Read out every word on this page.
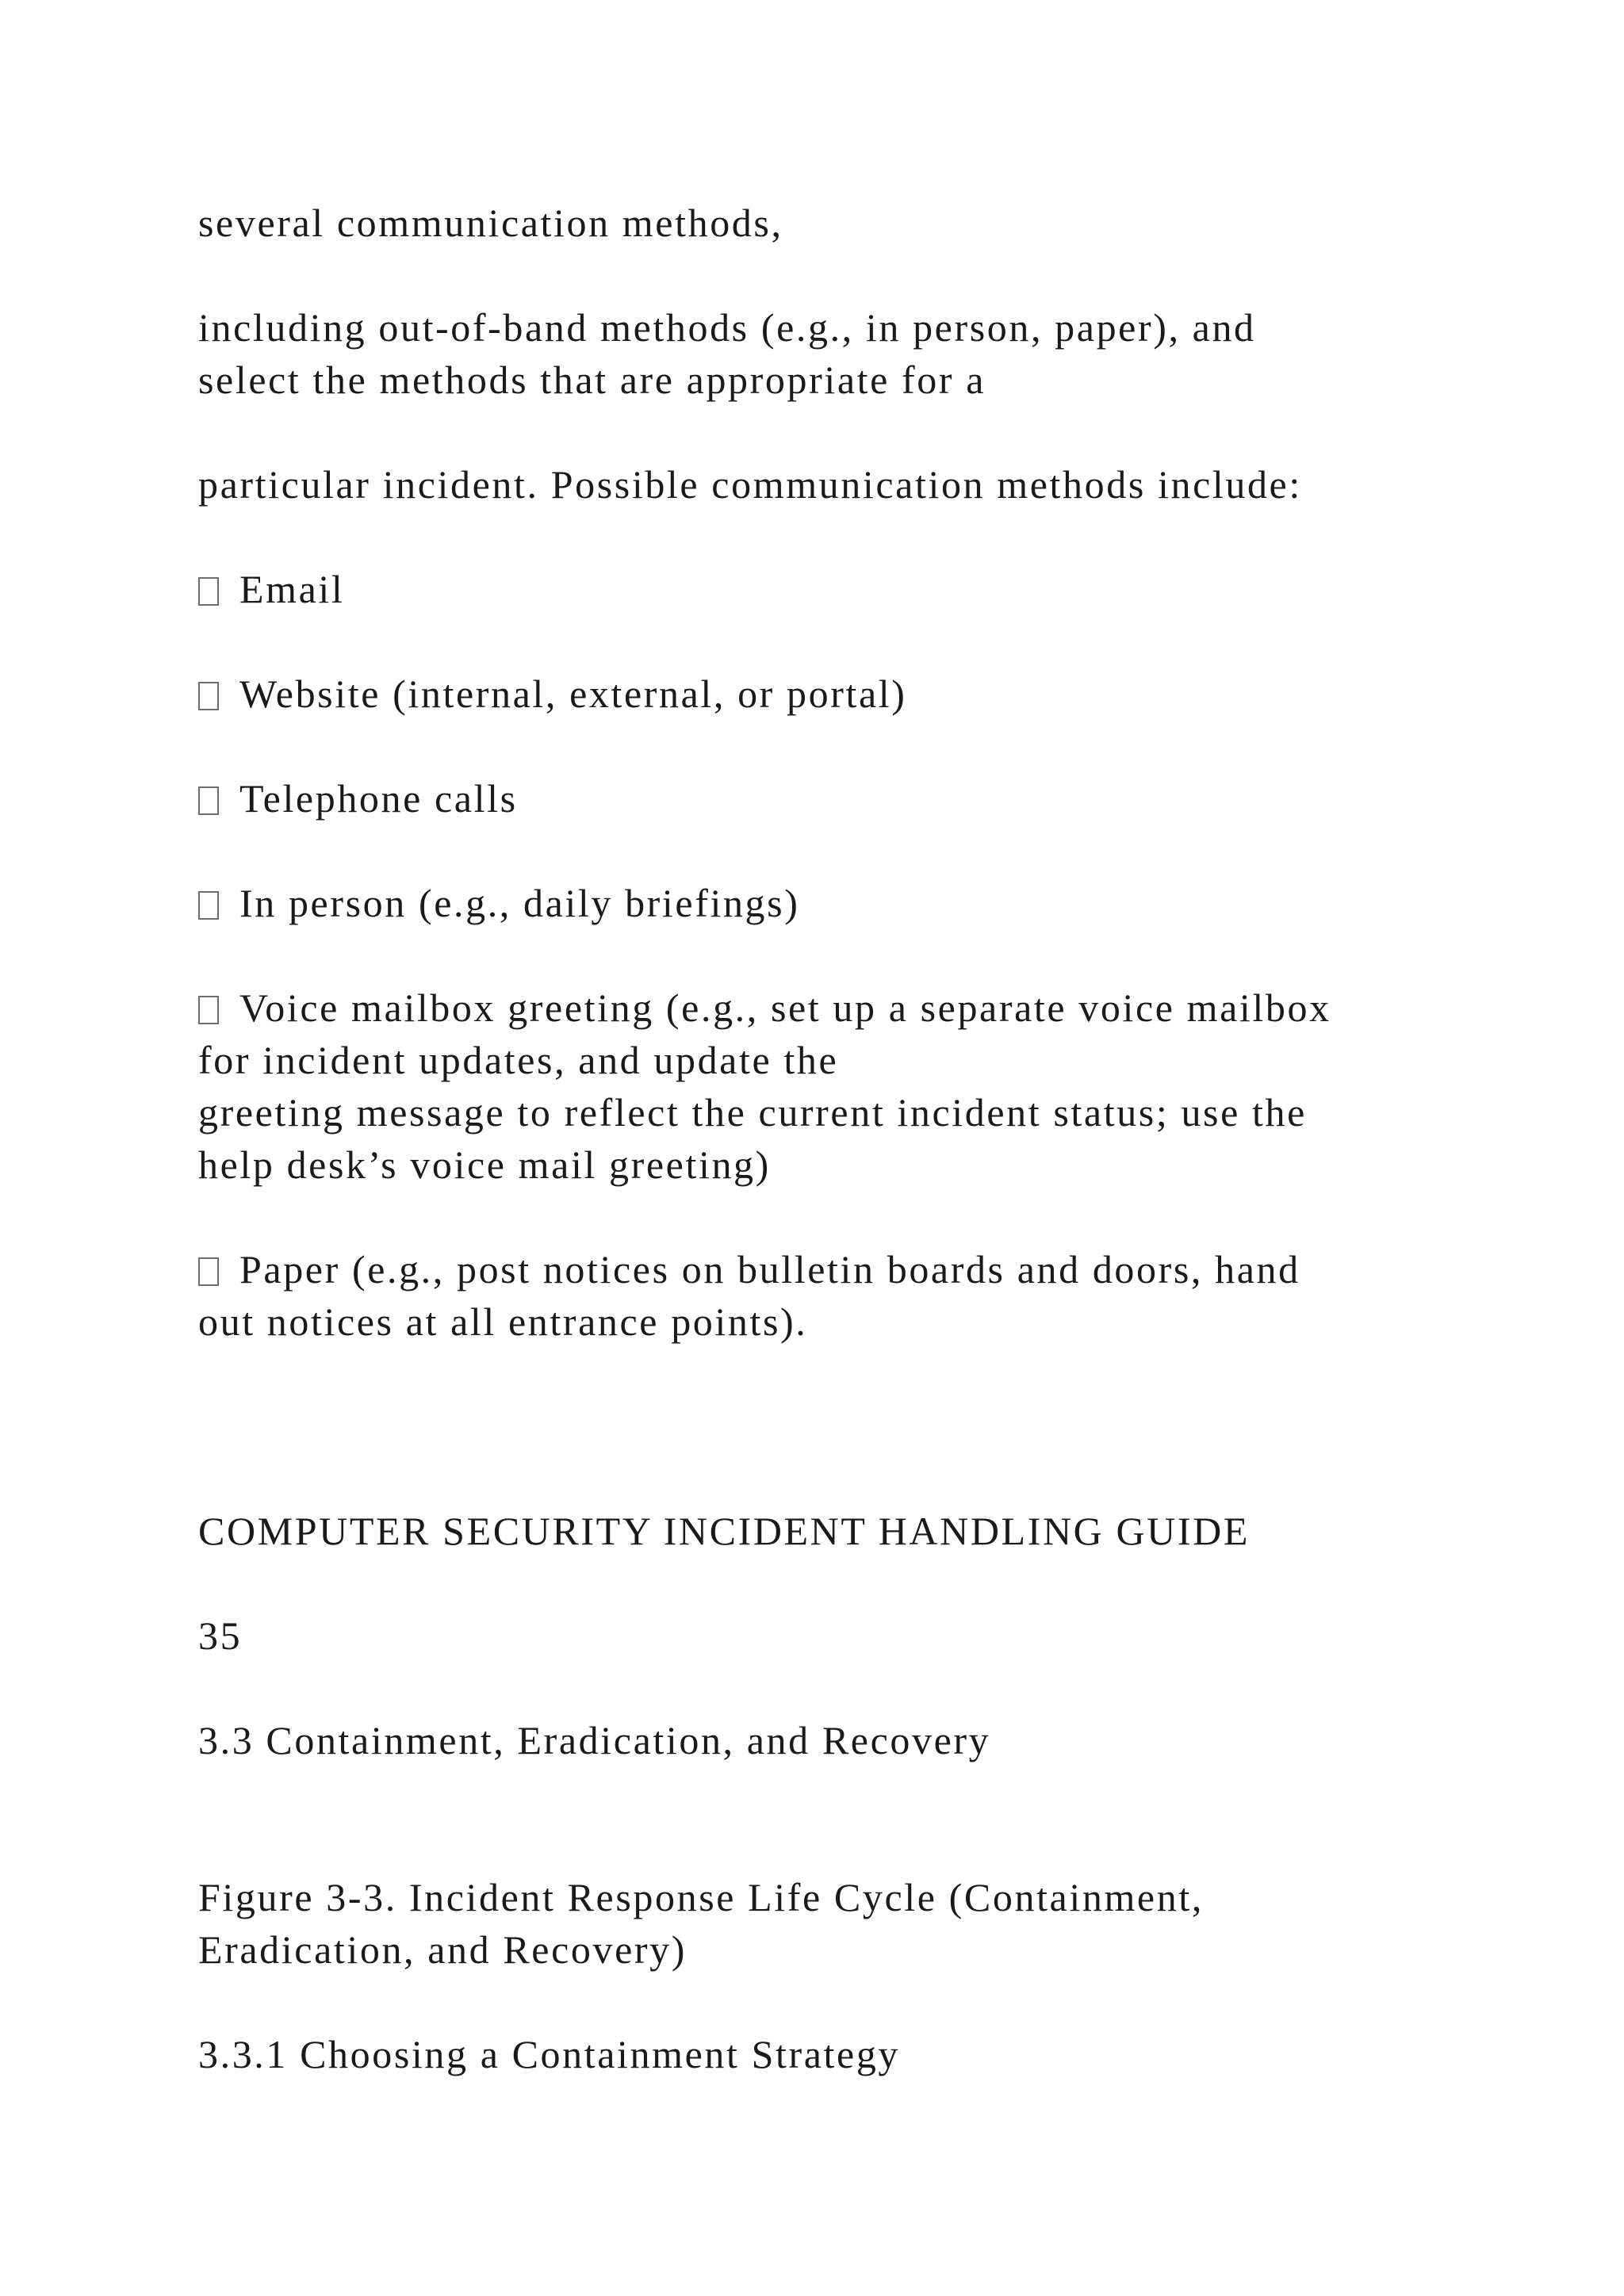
several communication methods,
including out-of-band methods (e.g., in person, paper), and
select the methods that are appropriate for a
particular incident. Possible communication methods include:
Email
Website (internal, external, or portal)
Telephone calls
In person (e.g., daily briefings)
Voice mailbox greeting (e.g., set up a separate voice mailbox
for incident updates, and update the
greeting message to reflect the current incident status; use the
help desk’s voice mail greeting)
Paper (e.g., post notices on bulletin boards and doors, hand
out notices at all entrance points).
COMPUTER SECURITY INCIDENT HANDLING GUIDE
35
3.3 Containment, Eradication, and Recovery
Figure 3-3. Incident Response Life Cycle (Containment,
Eradication, and Recovery)
3.3.1 Choosing a Containment Strategy
